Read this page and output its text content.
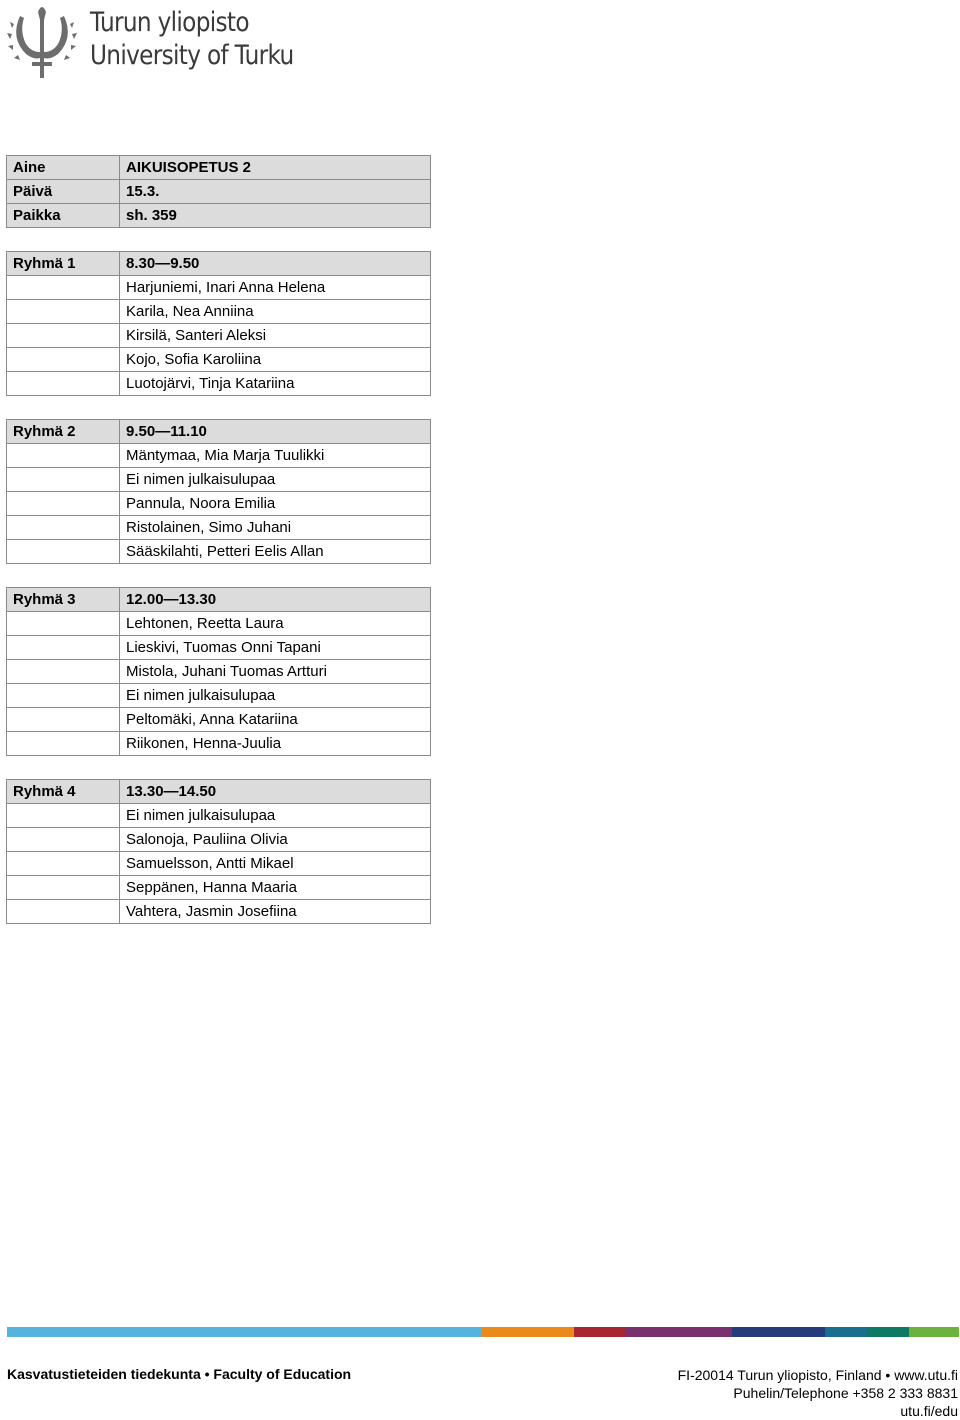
Turun yliopisto
University of Turku
Aine	AIKUISOPETUS 2
Päivä	15.3.
Paikka	sh. 359
Ryhmä 1	8.30—9.50
	Harjuniemi, Inari Anna Helena
	Karila, Nea Anniina
	Kirsilä, Santeri Aleksi
	Kojo, Sofia Karoliina
	Luotojärvi, Tinja Katariina
Ryhmä 2	9.50—11.10
	Mäntymaa, Mia Marja Tuulikki
	Ei nimen julkaisulupaa
	Pannula, Noora Emilia
	Ristolainen, Simo Juhani
	Sääskilahti, Petteri Eelis Allan
Ryhmä 3	12.00—13.30
	Lehtonen, Reetta Laura
	Lieskivi, Tuomas Onni Tapani
	Mistola, Juhani Tuomas Artturi
	Ei nimen julkaisulupaa
	Peltomäki, Anna Katariina
	Riikonen, Henna-Juulia
Ryhmä 4	13.30—14.50
	Ei nimen julkaisulupaa
	Salonoja, Pauliina Olivia
	Samuelsson, Antti Mikael
	Seppänen, Hanna Maaria
	Vahtera, Jasmin Josefiina
Kasvatustieteiden tiedekunta • Faculty of Education	FI-20014 Turun yliopisto, Finland • www.utu.fi
Puhelin/Telephone +358 2 333 8831
utu.fi/edu
